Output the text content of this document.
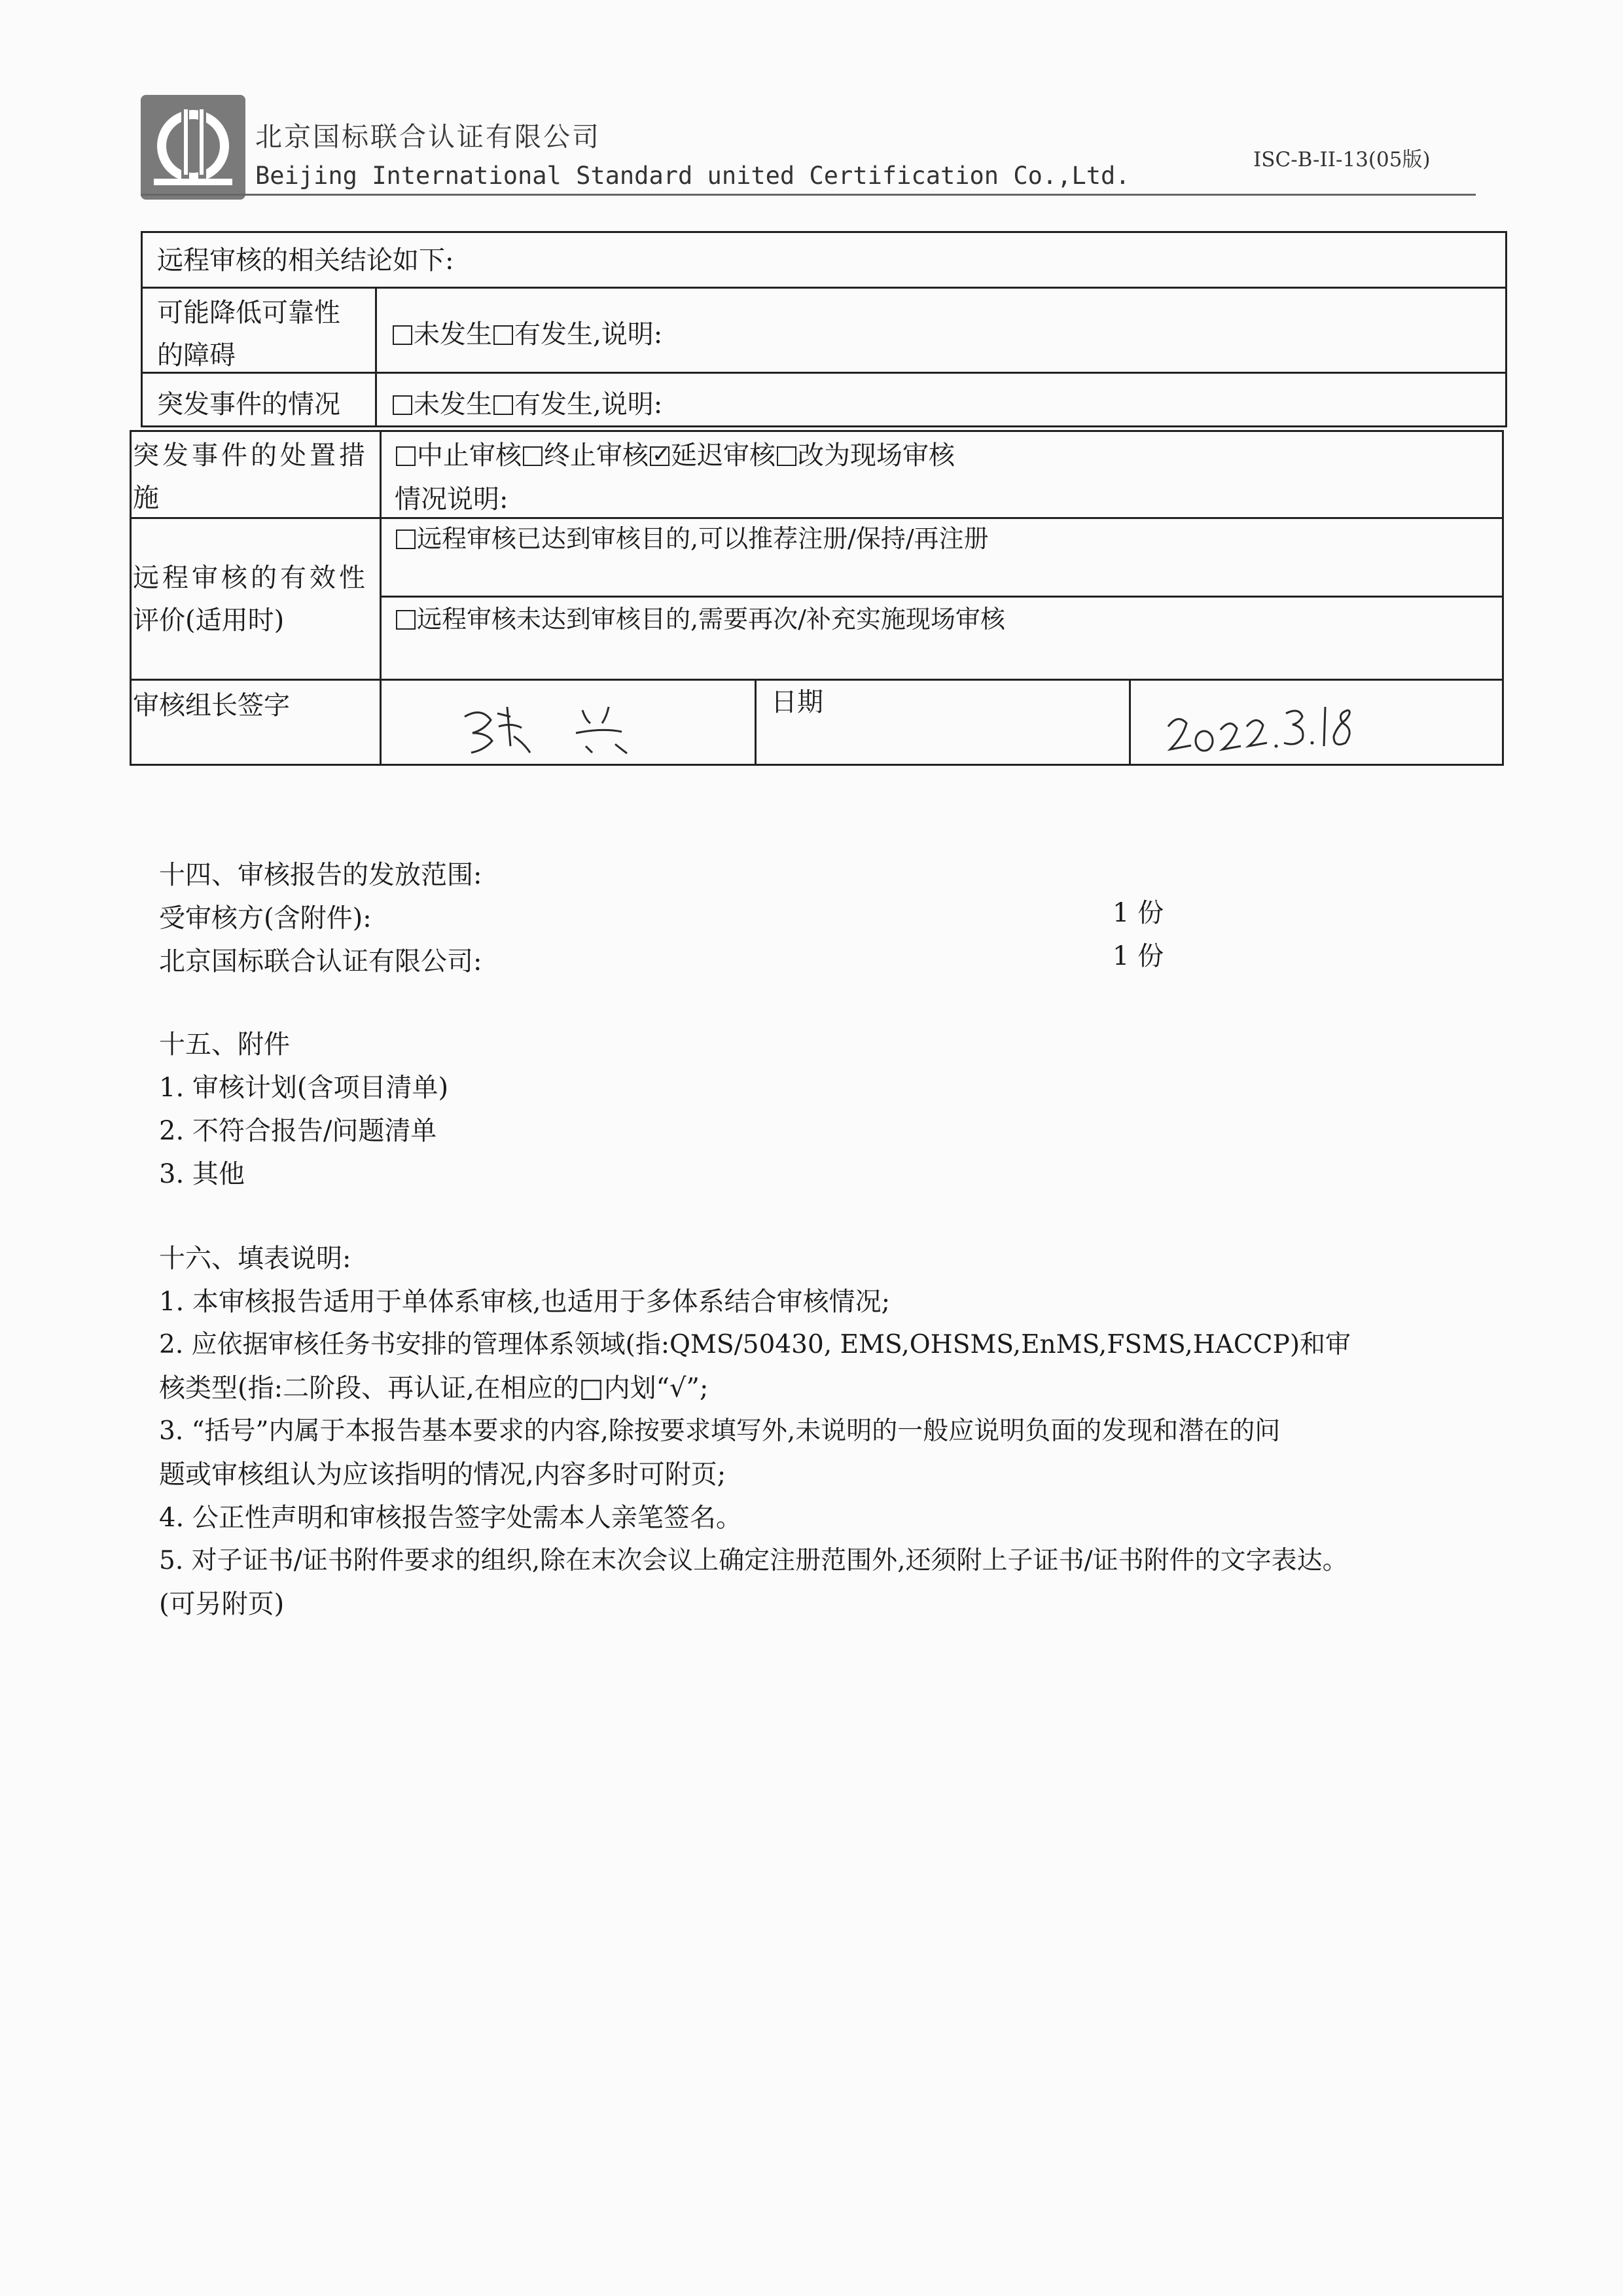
北京国标联合认证有限公司
Beijing International Standard united Certification Co.,Ltd.
ISC-B-II-13(05版)
远程审核的相关结论如下:
可能降低可靠性
的障碍
未发生 有发生,说明:
突发事件的情况	未发生 有发生,说明:
突发事件的处置措
施
中止审核 终止审核✓ 延迟审核 改为现场审核
情况说明:
远程审核的有效性
评价(适用时)
远程审核已达到审核目的,可以推荐注册/保持/再注册
远程审核未达到审核目的,需要再次/补充实施现场审核
审核组长签字	日期
十四、审核报告的发放范围:
受审核方(含附件):	1 份
北京国标联合认证有限公司:	1 份
十五、附件
1. 审核计划(含项目清单)
2. 不符合报告/问题清单
3. 其他
十六、填表说明:
1. 本审核报告适用于单体系审核,也适用于多体系结合审核情况;
2. 应依据审核任务书安排的管理体系领域(指:QMS/50430, EMS,OHSMS,EnMS,FSMS,HACCP)和审
核类型(指:二阶段、再认证,在相应的□内划“√”;
3. “括号”内属于本报告基本要求的内容,除按要求填写外,未说明的一般应说明负面的发现和潜在的问
题或审核组认为应该指明的情况,内容多时可附页;
4. 公正性声明和审核报告签字处需本人亲笔签名。
5. 对子证书/证书附件要求的组织,除在末次会议上确定注册范围外,还须附上子证书/证书附件的文字表达。
(可另附页)
